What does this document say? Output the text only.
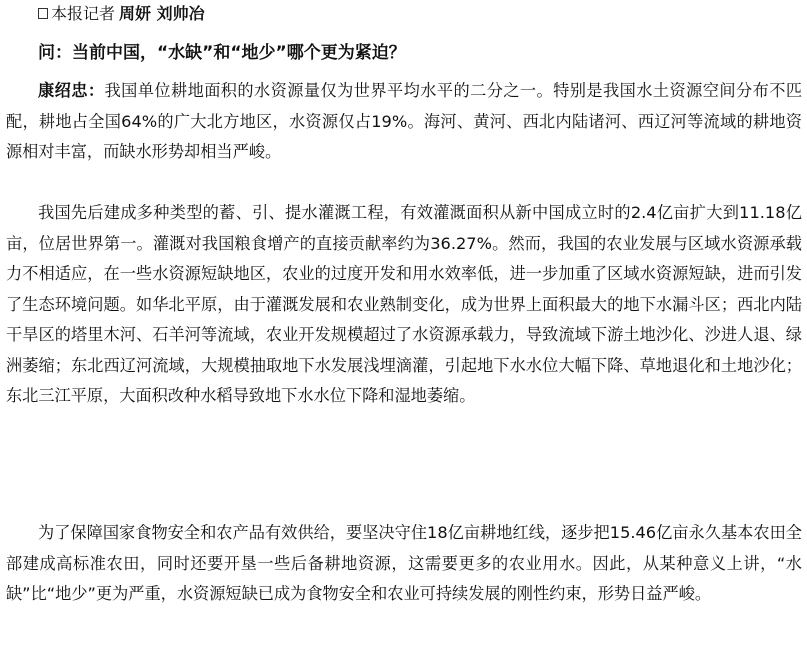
本报记者 周妍 刘帅冶
问：当前中国，“水缺”和“地少”哪个更为紧迫？

康绍忠：我国单位耕地面积的水资源量仅为世界平均水平的二分之一。特别是我国水土资源空间分布不匹配，耕地占全国64%的广大北方地区，水资源仅占19%。海河、黄河、西北内陆诸河、西辽河等流域的耕地资源相对丰富，而缺水形势却相当严峻。

我国先后建成多种类型的蓄、引、提水灌溉工程，有效灌溉面积从新中国成立时的2.4亿亩扩大到11.18亿亩，位居世界第一。灌溉对我国粮食增产的直接贡献率约为36.27%。然而，我国的农业发展与区域水资源承载力不相适应，在一些水资源短缺地区，农业的过度开发和用水效率低，进一步加重了区域水资源短缺，进而引发了生态环境问题。如华北平原，由于灌溉发展和农业熟制变化，成为世界上面积最大的地下水漏斗区；西北内陆干旱区的塔里木河、石羊河等流域，农业开发规模超过了水资源承载力，导致流域下游土地沙化、沙进人退、绿洲萎缩；东北西辽河流域，大规模抽取地下水发展浅埋滴灌，引起地下水水位大幅下降、草地退化和土地沙化；东北三江平原，大面积改种水稻导致地下水水位下降和湿地萎缩。

为了保障国家食物安全和农产品有效供给，要坚决守住18亿亩耕地红线，逐步把15.46亿亩永久基本农田全部建成高标准农田，同时还要开垦一些后备耕地资源，这需要更多的农业用水。因此，从某种意义上讲，“水缺”比“地少”更为严重，水资源短缺已成为食物安全和农业可持续发展的刚性约束，形势日益严峻。
